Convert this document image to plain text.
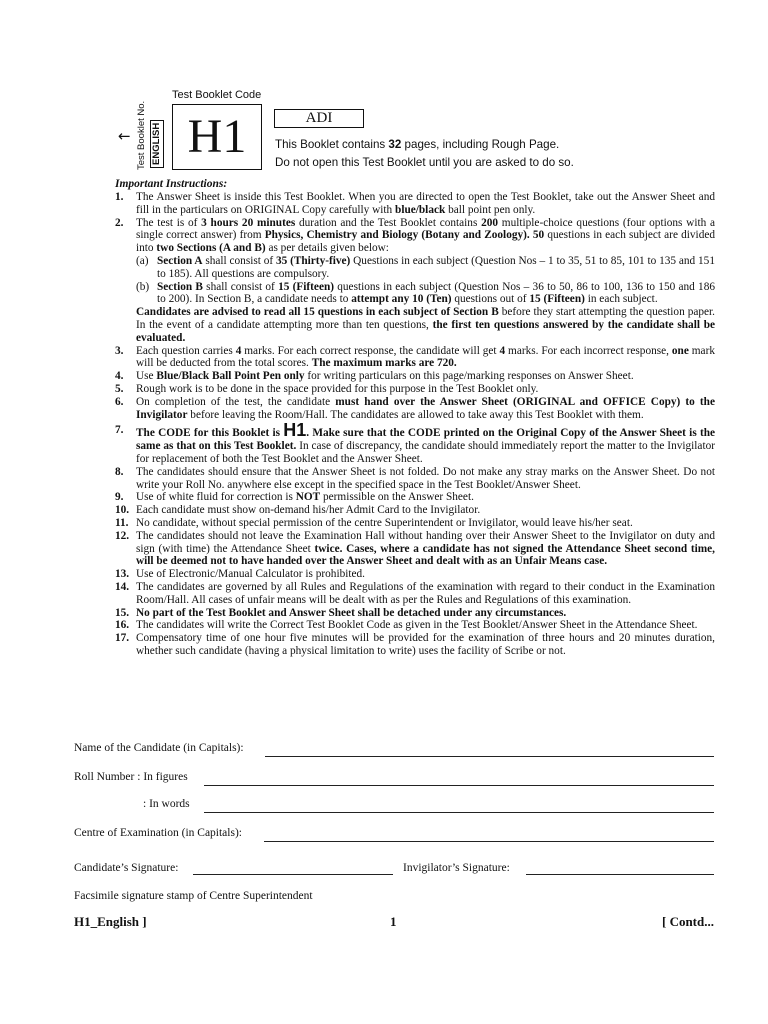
Test Booklet Code
← Test Booklet No. ENGLISH H1	ADI
This Booklet contains 32 pages, including Rough Page.
Do not open this Test Booklet until you are asked to do so.
Important Instructions:
1. The Answer Sheet is inside this Test Booklet. When you are directed to open the Test Booklet, take out the Answer Sheet and fill in the particulars on ORIGINAL Copy carefully with blue/black ball point pen only.
2. The test is of 3 hours 20 minutes duration and the Test Booklet contains 200 multiple-choice questions (four options with a single correct answer) from Physics, Chemistry and Biology (Botany and Zoology). 50 questions in each subject are divided into two Sections (A and B) as per details given below:
(a) Section A shall consist of 35 (Thirty-five) Questions in each subject (Question Nos – 1 to 35, 51 to 85, 101 to 135 and 151 to 185). All questions are compulsory.
(b) Section B shall consist of 15 (Fifteen) questions in each subject (Question Nos – 36 to 50, 86 to 100, 136 to 150 and 186 to 200). In Section B, a candidate needs to attempt any 10 (Ten) questions out of 15 (Fifteen) in each subject.
Candidates are advised to read all 15 questions in each subject of Section B before they start attempting the question paper. In the event of a candidate attempting more than ten questions, the first ten questions answered by the candidate shall be evaluated.
3. Each question carries 4 marks. For each correct response, the candidate will get 4 marks. For each incorrect response, one mark will be deducted from the total scores. The maximum marks are 720.
4. Use Blue/Black Ball Point Pen only for writing particulars on this page/marking responses on Answer Sheet.
5. Rough work is to be done in the space provided for this purpose in the Test Booklet only.
6. On completion of the test, the candidate must hand over the Answer Sheet (ORIGINAL and OFFICE Copy) to the Invigilator before leaving the Room/Hall. The candidates are allowed to take away this Test Booklet with them.
7. The CODE for this Booklet is H1. Make sure that the CODE printed on the Original Copy of the Answer Sheet is the same as that on this Test Booklet. In case of discrepancy, the candidate should immediately report the matter to the Invigilator for replacement of both the Test Booklet and the Answer Sheet.
8. The candidates should ensure that the Answer Sheet is not folded. Do not make any stray marks on the Answer Sheet. Do not write your Roll No. anywhere else except in the specified space in the Test Booklet/Answer Sheet.
9. Use of white fluid for correction is NOT permissible on the Answer Sheet.
10. Each candidate must show on-demand his/her Admit Card to the Invigilator.
11. No candidate, without special permission of the centre Superintendent or Invigilator, would leave his/her seat.
12. The candidates should not leave the Examination Hall without handing over their Answer Sheet to the Invigilator on duty and sign (with time) the Attendance Sheet twice. Cases, where a candidate has not signed the Attendance Sheet second time, will be deemed not to have handed over the Answer Sheet and dealt with as an Unfair Means case.
13. Use of Electronic/Manual Calculator is prohibited.
14. The candidates are governed by all Rules and Regulations of the examination with regard to their conduct in the Examination Room/Hall. All cases of unfair means will be dealt with as per the Rules and Regulations of this examination.
15. No part of the Test Booklet and Answer Sheet shall be detached under any circumstances.
16. The candidates will write the Correct Test Booklet Code as given in the Test Booklet/Answer Sheet in the Attendance Sheet.
17. Compensatory time of one hour five minutes will be provided for the examination of three hours and 20 minutes duration, whether such candidate (having a physical limitation to write) uses the facility of Scribe or not.
Name of the Candidate (in Capitals):
Roll Number : In figures
: In words
Centre of Examination (in Capitals):
Candidate’s Signature:	Invigilator’s Signature:
Facsimile signature stamp of Centre Superintendent
H1_English ]	1	[ Contd...
